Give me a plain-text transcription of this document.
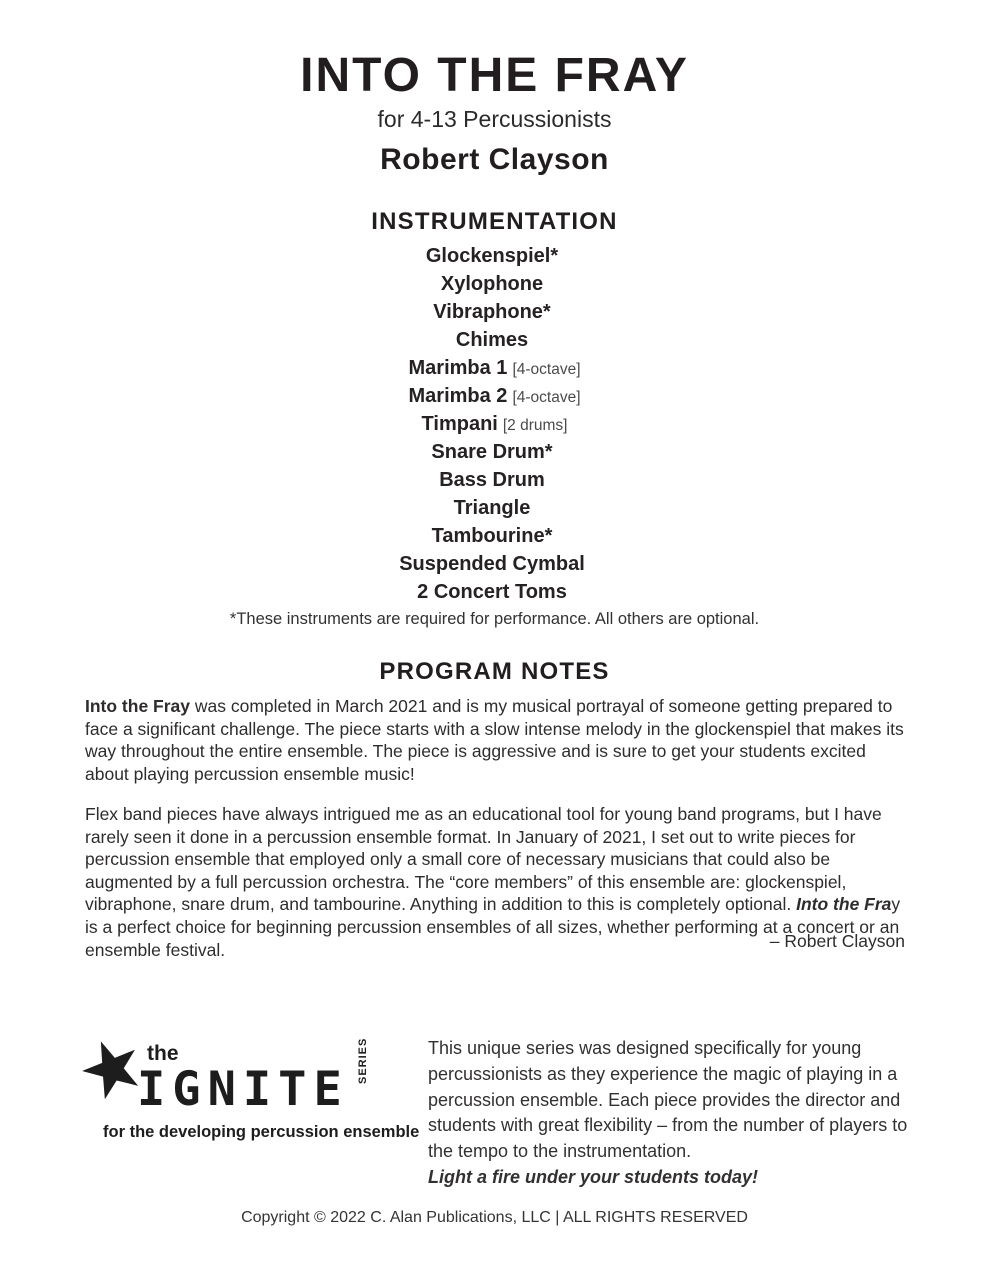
INTO THE FRAY
for 4-13 Percussionists
Robert Clayson
INSTRUMENTATION
Glockenspiel*
Xylophone
Vibraphone*
Chimes
Marimba 1 [4-octave]
Marimba 2 [4-octave]
Timpani [2 drums]
Snare Drum*
Bass Drum
Triangle
Tambourine*
Suspended Cymbal
2 Concert Toms
*These instruments are required for performance. All others are optional.
PROGRAM NOTES
Into the Fray was completed in March 2021 and is my musical portrayal of someone getting prepared to face a significant challenge. The piece starts with a slow intense melody in the glockenspiel that makes its way throughout the entire ensemble. The piece is aggressive and is sure to get your students excited about playing percussion ensemble music!
Flex band pieces have always intrigued me as an educational tool for young band programs, but I have rarely seen it done in a percussion ensemble format. In January of 2021, I set out to write pieces for percussion ensemble that employed only a small core of necessary musicians that could also be augmented by a full percussion orchestra. The “core members” of this ensemble are: glockenspiel, vibraphone, snare drum, and tambourine. Anything in addition to this is completely optional. Into the Fray is a perfect choice for beginning percussion ensembles of all sizes, whether performing at a concert or an ensemble festival.	– Robert Clayson
the
IGNITE
SERIES
for the developing percussion ensemble
This unique series was designed specifically for young percussionists as they experience the magic of playing in a percussion ensemble. Each piece provides the director and students with great flexibility – from the number of players to the tempo to the instrumentation.
Light a fire under your students today!
Copyright © 2022 C. Alan Publications, LLC | ALL RIGHTS RESERVED
